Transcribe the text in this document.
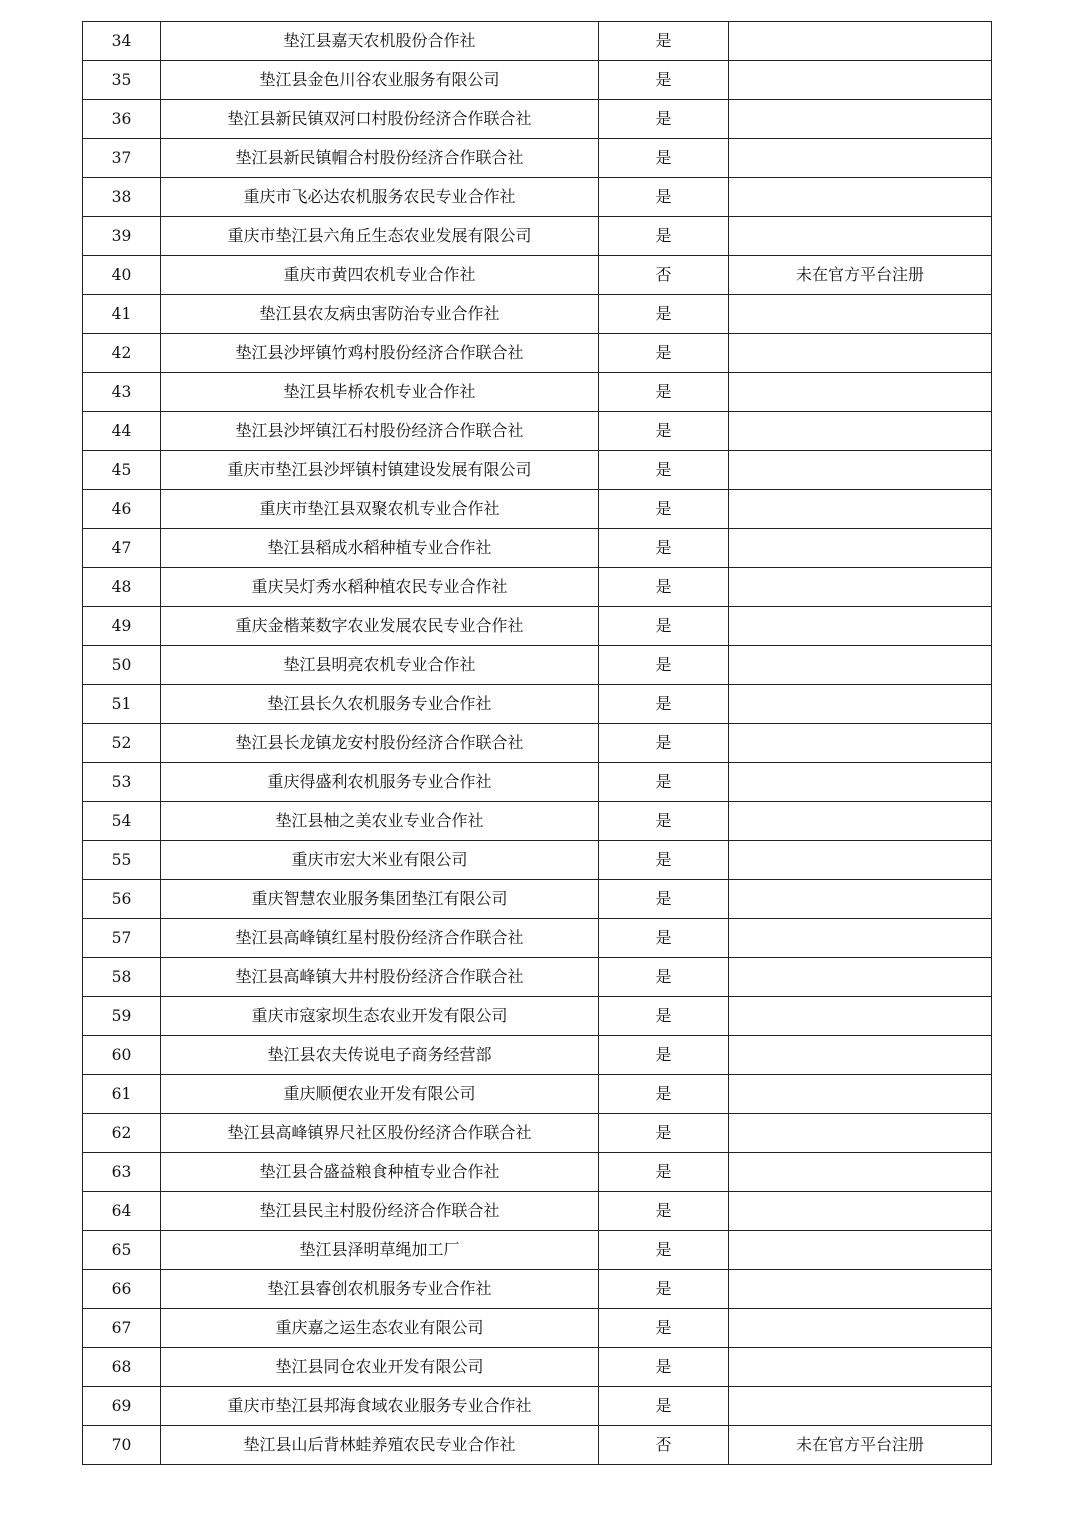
34	垫江县嘉天农机股份合作社	是	
35	垫江县金色川谷农业服务有限公司	是	
36	垫江县新民镇双河口村股份经济合作联合社	是	
37	垫江县新民镇帽合村股份经济合作联合社	是	
38	重庆市飞必达农机服务农民专业合作社	是	
39	重庆市垫江县六角丘生态农业发展有限公司	是	
40	重庆市黄四农机专业合作社	否	未在官方平台注册
41	垫江县农友病虫害防治专业合作社	是	
42	垫江县沙坪镇竹鸡村股份经济合作联合社	是	
43	垫江县毕桥农机专业合作社	是	
44	垫江县沙坪镇江石村股份经济合作联合社	是	
45	重庆市垫江县沙坪镇村镇建设发展有限公司	是	
46	重庆市垫江县双聚农机专业合作社	是	
47	垫江县稻成水稻种植专业合作社	是	
48	重庆吴灯秀水稻种植农民专业合作社	是	
49	重庆金楷莱数字农业发展农民专业合作社	是	
50	垫江县明亮农机专业合作社	是	
51	垫江县长久农机服务专业合作社	是	
52	垫江县长龙镇龙安村股份经济合作联合社	是	
53	重庆得盛利农机服务专业合作社	是	
54	垫江县柚之美农业专业合作社	是	
55	重庆市宏大米业有限公司	是	
56	重庆智慧农业服务集团垫江有限公司	是	
57	垫江县高峰镇红星村股份经济合作联合社	是	
58	垫江县高峰镇大井村股份经济合作联合社	是	
59	重庆市寇家坝生态农业开发有限公司	是	
60	垫江县农夫传说电子商务经营部	是	
61	重庆顺便农业开发有限公司	是	
62	垫江县高峰镇界尺社区股份经济合作联合社	是	
63	垫江县合盛益粮食种植专业合作社	是	
64	垫江县民主村股份经济合作联合社	是	
65	垫江县泽明草绳加工厂	是	
66	垫江县睿创农机服务专业合作社	是	
67	重庆嘉之运生态农业有限公司	是	
68	垫江县同仓农业开发有限公司	是	
69	重庆市垫江县邦海食域农业服务专业合作社	是	
70	垫江县山后背林蛙养殖农民专业合作社	否	未在官方平台注册
